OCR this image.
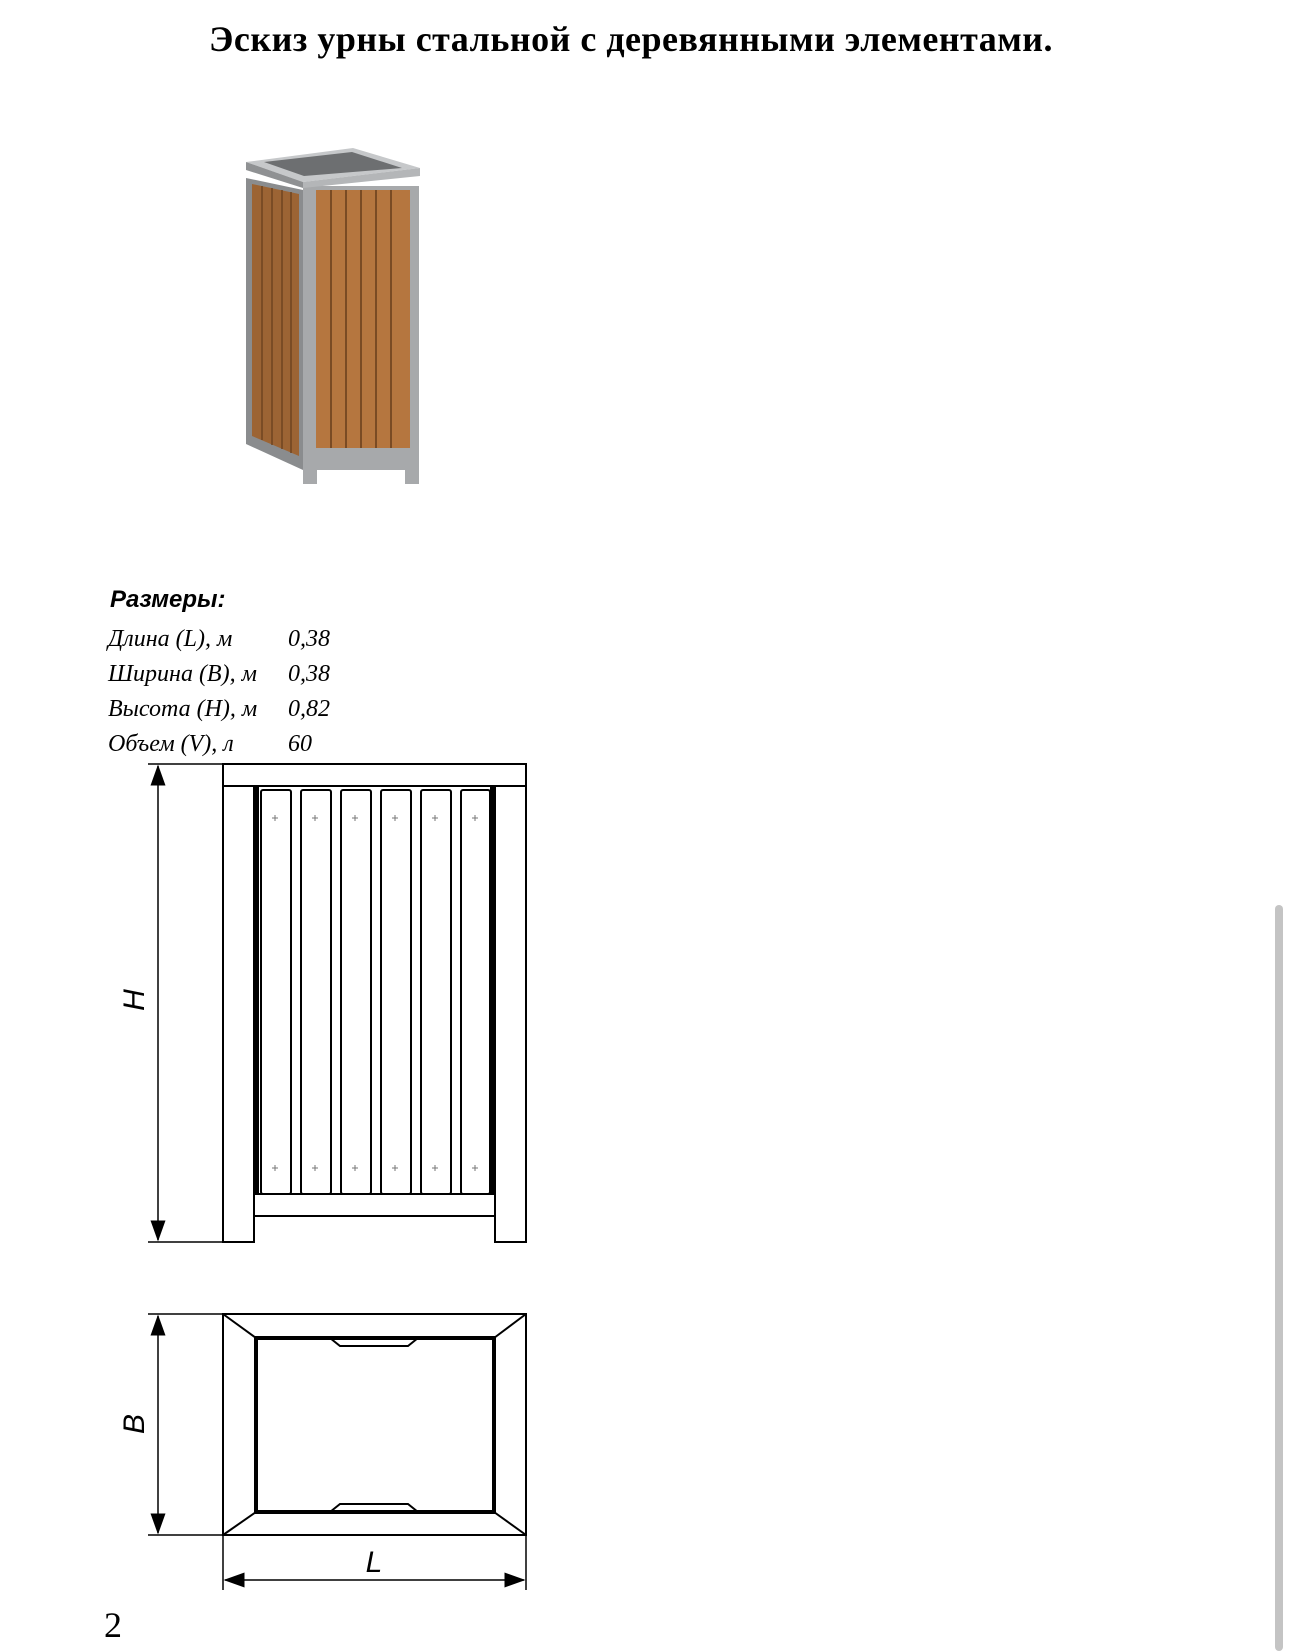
Эскиз урны стальной с деревянными элементами.
Размеры:
Длина (L), м	0,38
Ширина (B), м	0,38
Высота (H), м	0,82
Объем (V), л	60
H
B
L
2
